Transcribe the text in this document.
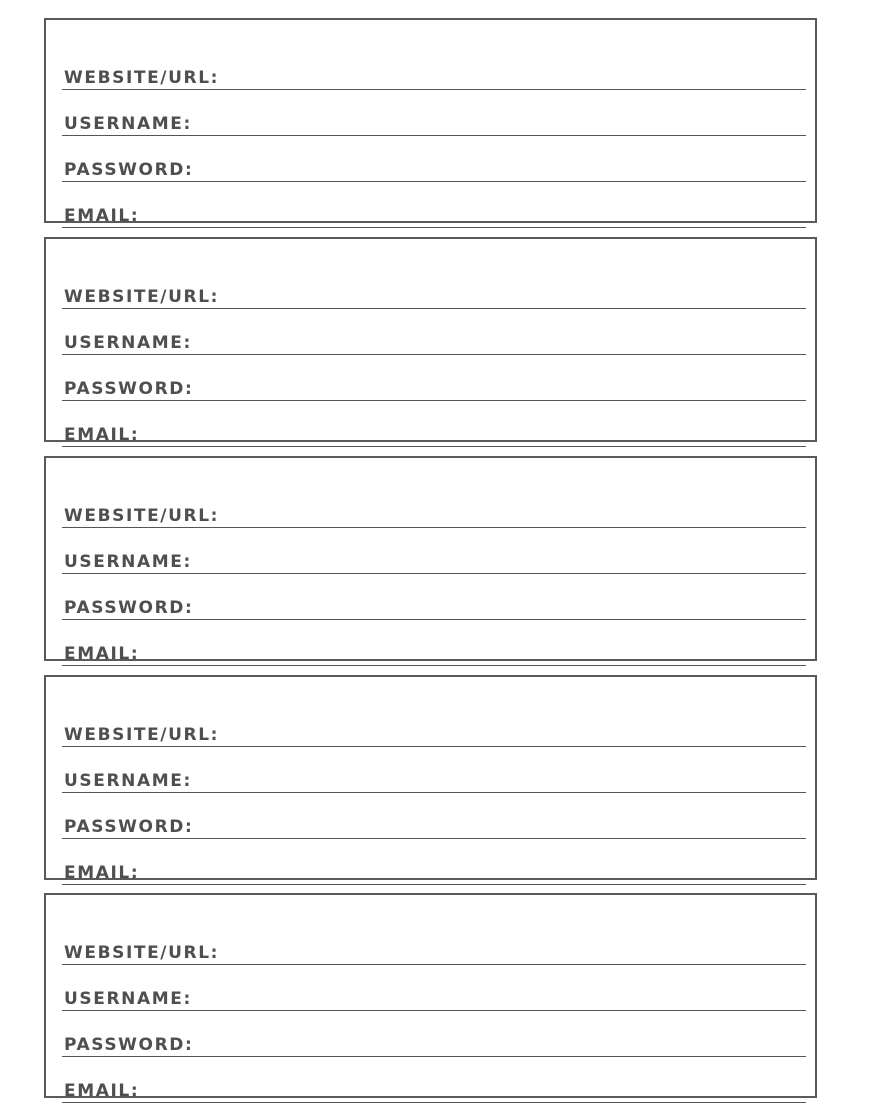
WEBSITE/URL:
USERNAME:
PASSWORD:
EMAIL:
WEBSITE/URL:
USERNAME:
PASSWORD:
EMAIL:
WEBSITE/URL:
USERNAME:
PASSWORD:
EMAIL:
WEBSITE/URL:
USERNAME:
PASSWORD:
EMAIL:
WEBSITE/URL:
USERNAME:
PASSWORD:
EMAIL:
